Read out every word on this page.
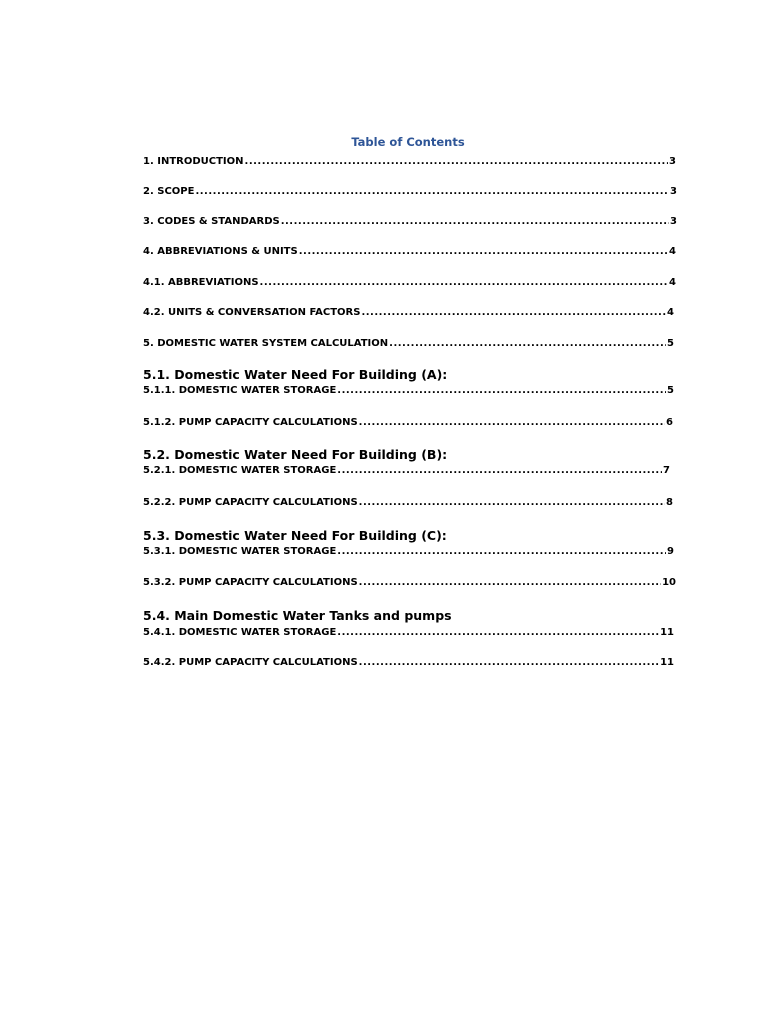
Table of Contents
1. INTRODUCTION .....	3
2. SCOPE .....	3
3. CODES & STANDARDS .....	3
4. ABBREVIATIONS & UNITS .....	4
4.1. ABBREVIATIONS .....	4
4.2. UNITS & CONVERSATION FACTORS .....	4
5. DOMESTIC WATER SYSTEM CALCULATION .....	5
5.1. Domestic Water Need For Building (A):
5.1.1. DOMESTIC WATER STORAGE .....	5
5.1.2. PUMP CAPACITY CALCULATIONS .....	6
5.2. Domestic Water Need For Building (B):
5.2.1. DOMESTIC WATER STORAGE .....	7
5.2.2. PUMP CAPACITY CALCULATIONS .....	8
5.3. Domestic Water Need For Building (C):
5.3.1. DOMESTIC WATER STORAGE .....	9
5.3.2. PUMP CAPACITY CALCULATIONS .....	10
5.4. Main Domestic Water Tanks and pumps
5.4.1. DOMESTIC WATER STORAGE .....	11
5.4.2. PUMP CAPACITY CALCULATIONS .....	11
